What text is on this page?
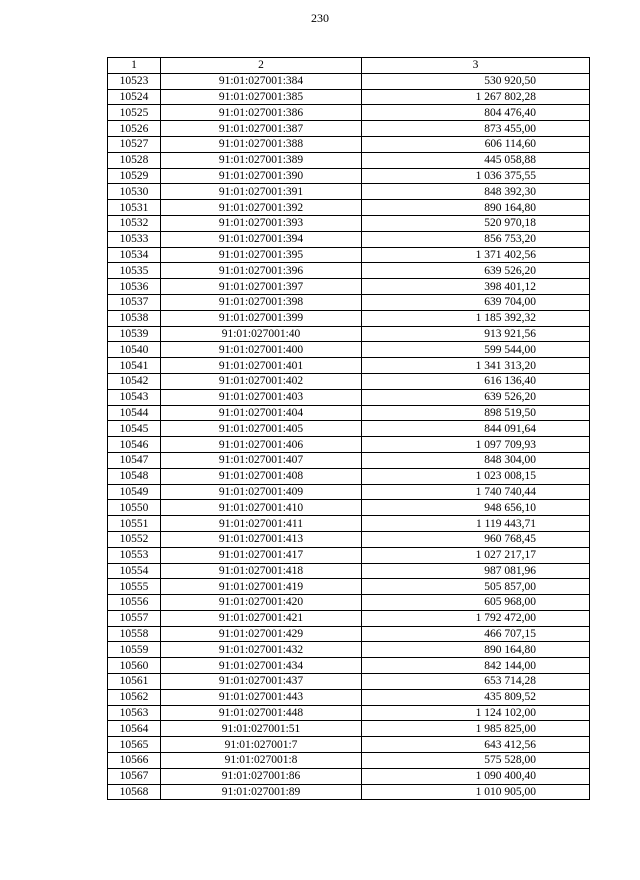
230
1	2	3
10523	91:01:027001:384	530 920,50
10524	91:01:027001:385	1 267 802,28
10525	91:01:027001:386	804 476,40
10526	91:01:027001:387	873 455,00
10527	91:01:027001:388	606 114,60
10528	91:01:027001:389	445 058,88
10529	91:01:027001:390	1 036 375,55
10530	91:01:027001:391	848 392,30
10531	91:01:027001:392	890 164,80
10532	91:01:027001:393	520 970,18
10533	91:01:027001:394	856 753,20
10534	91:01:027001:395	1 371 402,56
10535	91:01:027001:396	639 526,20
10536	91:01:027001:397	398 401,12
10537	91:01:027001:398	639 704,00
10538	91:01:027001:399	1 185 392,32
10539	91:01:027001:40	913 921,56
10540	91:01:027001:400	599 544,00
10541	91:01:027001:401	1 341 313,20
10542	91:01:027001:402	616 136,40
10543	91:01:027001:403	639 526,20
10544	91:01:027001:404	898 519,50
10545	91:01:027001:405	844 091,64
10546	91:01:027001:406	1 097 709,93
10547	91:01:027001:407	848 304,00
10548	91:01:027001:408	1 023 008,15
10549	91:01:027001:409	1 740 740,44
10550	91:01:027001:410	948 656,10
10551	91:01:027001:411	1 119 443,71
10552	91:01:027001:413	960 768,45
10553	91:01:027001:417	1 027 217,17
10554	91:01:027001:418	987 081,96
10555	91:01:027001:419	505 857,00
10556	91:01:027001:420	605 968,00
10557	91:01:027001:421	1 792 472,00
10558	91:01:027001:429	466 707,15
10559	91:01:027001:432	890 164,80
10560	91:01:027001:434	842 144,00
10561	91:01:027001:437	653 714,28
10562	91:01:027001:443	435 809,52
10563	91:01:027001:448	1 124 102,00
10564	91:01:027001:51	1 985 825,00
10565	91:01:027001:7	643 412,56
10566	91:01:027001:8	575 528,00
10567	91:01:027001:86	1 090 400,40
10568	91:01:027001:89	1 010 905,00
